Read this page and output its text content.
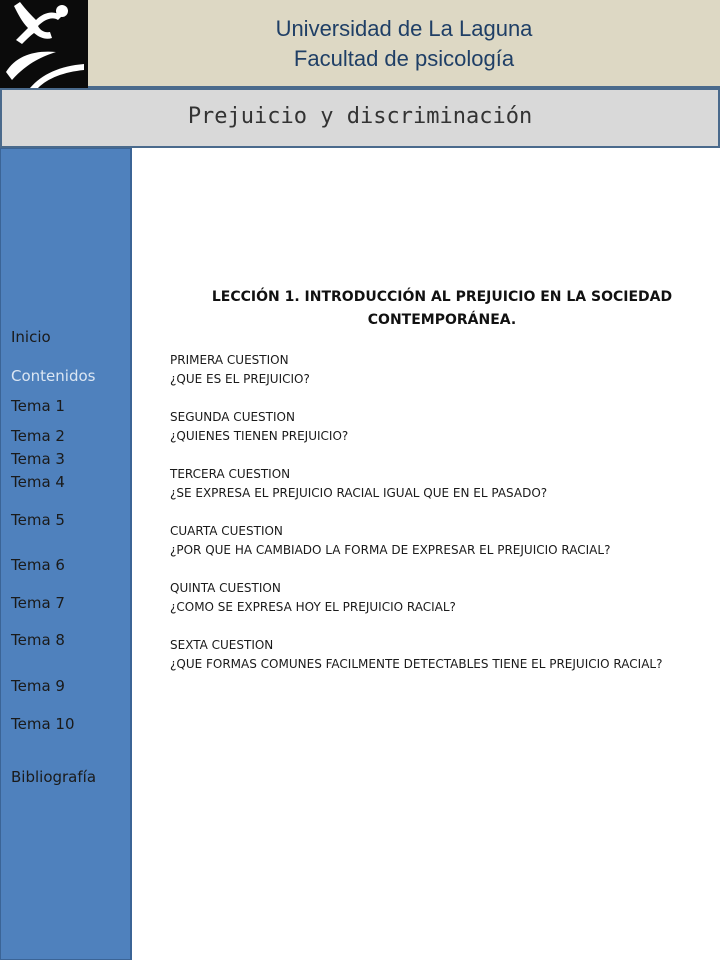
Universidad de La Laguna
Facultad de psicología
Prejuicio y discriminación
Inicio
Contenidos
Tema 1
Tema 2
Tema 3
Tema 4
Tema 5
Tema 6
Tema 7
Tema 8
Tema 9
Tema 10
Bibliografía
LECCIÓN 1. INTRODUCCIÓN AL PREJUICIO EN LA SOCIEDAD CONTEMPORÁNEA.
PRIMERA CUESTION
¿QUE ES EL PREJUICIO?
SEGUNDA CUESTION
¿QUIENES TIENEN PREJUICIO?
TERCERA CUESTION
¿SE EXPRESA EL PREJUICIO RACIAL IGUAL QUE EN EL PASADO?
CUARTA CUESTION
¿POR QUE HA CAMBIADO LA FORMA DE EXPRESAR EL PREJUICIO RACIAL?
QUINTA CUESTION
¿COMO SE EXPRESA HOY EL PREJUICIO RACIAL?
SEXTA CUESTION
¿QUE FORMAS COMUNES FACILMENTE DETECTABLES TIENE EL PREJUICIO RACIAL?
